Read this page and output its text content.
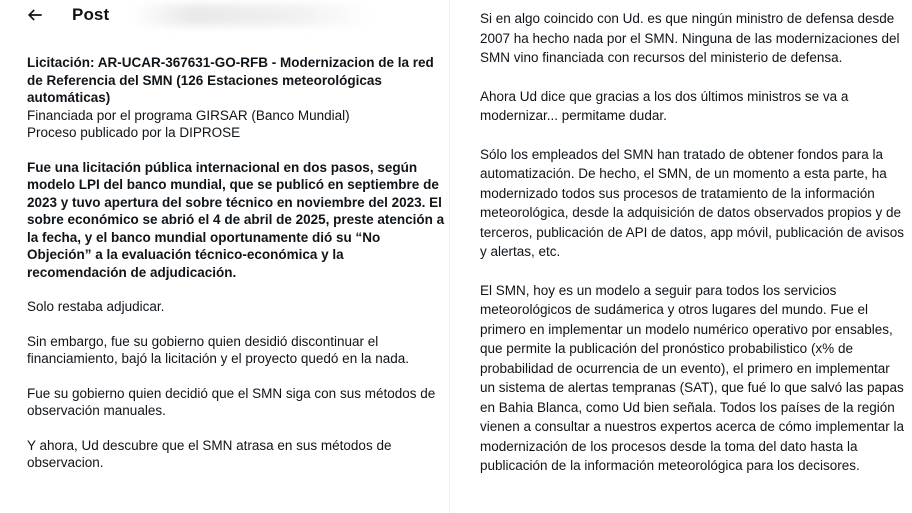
Post
Licitación: AR-UCAR-367631-GO-RFB - Modernizacion de la red de Referencia del SMN (126 Estaciones meteorológicas automáticas)
Financiada por el programa GIRSAR (Banco Mundial)
Proceso publicado por la DIPROSE
Fue una licitación pública internacional en dos pasos, según modelo LPI del banco mundial, que se publicó en septiembre de 2023 y tuvo apertura del sobre técnico en noviembre del 2023. El sobre económico se abrió el 4 de abril de 2025, preste atención a la fecha, y el banco mundial oportunamente dió su “No Objeción” a la evaluación técnico-económica y la recomendación de adjudicación.
Solo restaba adjudicar.
Sin embargo, fue su gobierno quien desidió discontinuar el financiamiento, bajó la licitación y el proyecto quedó en la nada.
Fue su gobierno quien decidió que el SMN siga con sus métodos de observación manuales.
Y ahora, Ud descubre que el SMN atrasa en sus métodos de observacion.
Si en algo coincido con Ud. es que ningún ministro de defensa desde 2007 ha hecho nada por el SMN. Ninguna de las modernizaciones del SMN vino financiada con recursos del ministerio de defensa.
Ahora Ud dice que gracias a los dos últimos ministros se va a modernizar... permitame dudar.
Sólo los empleados del SMN han tratado de obtener fondos para la automatización. De hecho, el SMN, de un momento a esta parte, ha modernizado todos sus procesos de tratamiento de la información meteorológica, desde la adquisición de datos observados propios y de terceros, publicación de API de datos, app móvil, publicación de avisos y alertas, etc.
El SMN, hoy es un modelo a seguir para todos los servicios meteorológicos de sudámerica y otros lugares del mundo. Fue el primero en implementar un modelo numérico operativo por ensables, que permite la publicación del pronóstico probabilistico (x% de probabilidad de ocurrencia de un evento), el primero en implementar un sistema de alertas tempranas (SAT), que fué lo que salvó las papas en Bahia Blanca, como Ud bien señala. Todos los países de la región vienen a consultar a nuestros expertos acerca de cómo implementar la modernización de los procesos desde la toma del dato hasta la publicación de la información meteorológica para los decisores.
